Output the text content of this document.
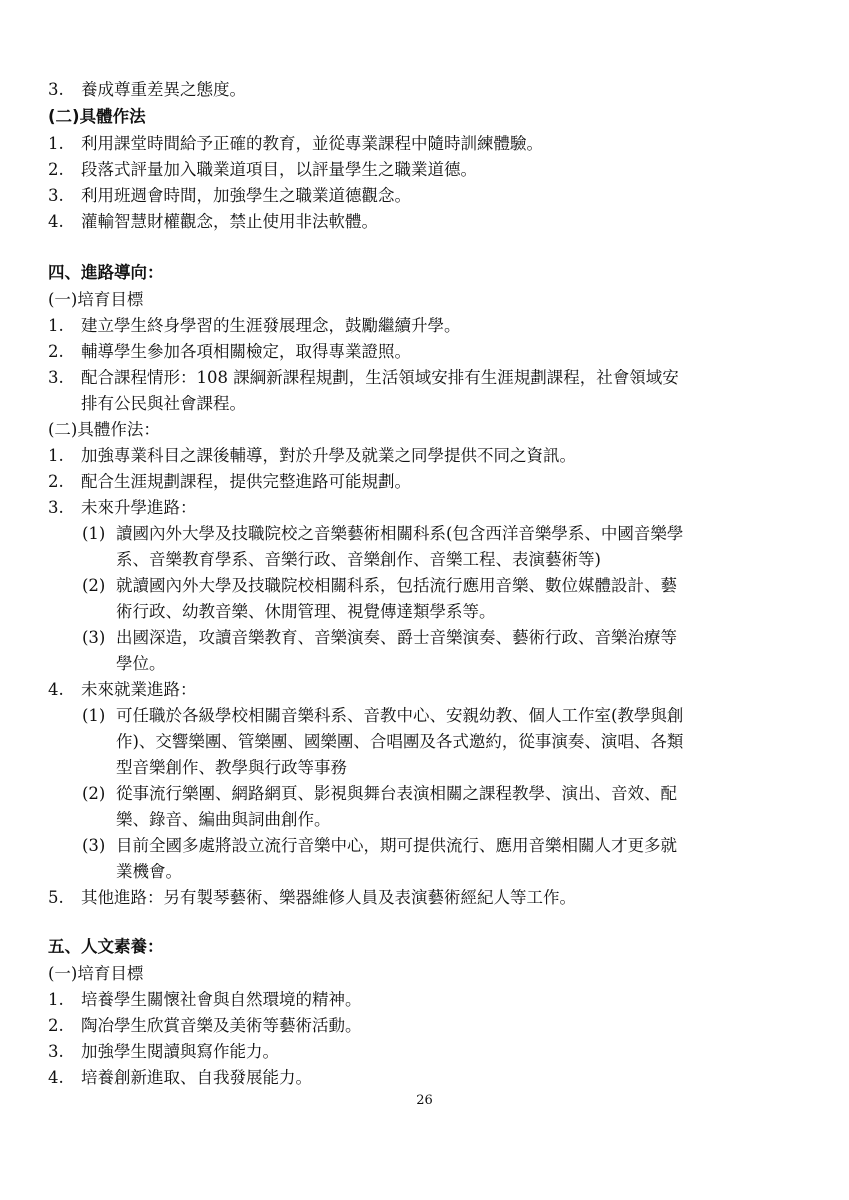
3. 養成尊重差異之態度。
(二)具體作法
1. 利用課堂時間給予正確的教育，並從專業課程中隨時訓練體驗。
2. 段落式評量加入職業道項目，以評量學生之職業道德。
3. 利用班週會時間，加強學生之職業道德觀念。
4. 灌輸智慧財權觀念，禁止使用非法軟體。
四、進路導向：
(一)培育目標
1. 建立學生終身學習的生涯發展理念，鼓勵繼續升學。
2. 輔導學生參加各項相關檢定，取得專業證照。
3. 配合課程情形：108 課綱新課程規劃，生活領域安排有生涯規劃課程，社會領域安
排有公民與社會課程。
(二)具體作法：
1. 加強專業科目之課後輔導，對於升學及就業之同學提供不同之資訊。
2. 配合生涯規劃課程，提供完整進路可能規劃。
3. 未來升學進路：
(1) 讀國內外大學及技職院校之音樂藝術相關科系(包含西洋音樂學系、中國音樂學
系、音樂教育學系、音樂行政、音樂創作、音樂工程、表演藝術等)
(2) 就讀國內外大學及技職院校相關科系，包括流行應用音樂、數位媒體設計、藝
術行政、幼教音樂、休閒管理、視覺傳達類學系等。
(3) 出國深造，攻讀音樂教育、音樂演奏、爵士音樂演奏、藝術行政、音樂治療等
學位。
4. 未來就業進路：
(1) 可任職於各級學校相關音樂科系、音教中心、安親幼教、個人工作室(教學與創
作)、交響樂團、管樂團、國樂團、合唱團及各式邀約，從事演奏、演唱、各類
型音樂創作、教學與行政等事務
(2) 從事流行樂團、網路網頁、影視與舞台表演相關之課程教學、演出、音效、配
樂、錄音、編曲與詞曲創作。
(3) 目前全國多處將設立流行音樂中心，期可提供流行、應用音樂相關人才更多就
業機會。
5. 其他進路：另有製琴藝術、樂器維修人員及表演藝術經紀人等工作。
五、人文素養：
(一)培育目標
1. 培養學生關懷社會與自然環境的精神。
2. 陶冶學生欣賞音樂及美術等藝術活動。
3. 加強學生閱讀與寫作能力。
4. 培養創新進取、自我發展能力。
26
